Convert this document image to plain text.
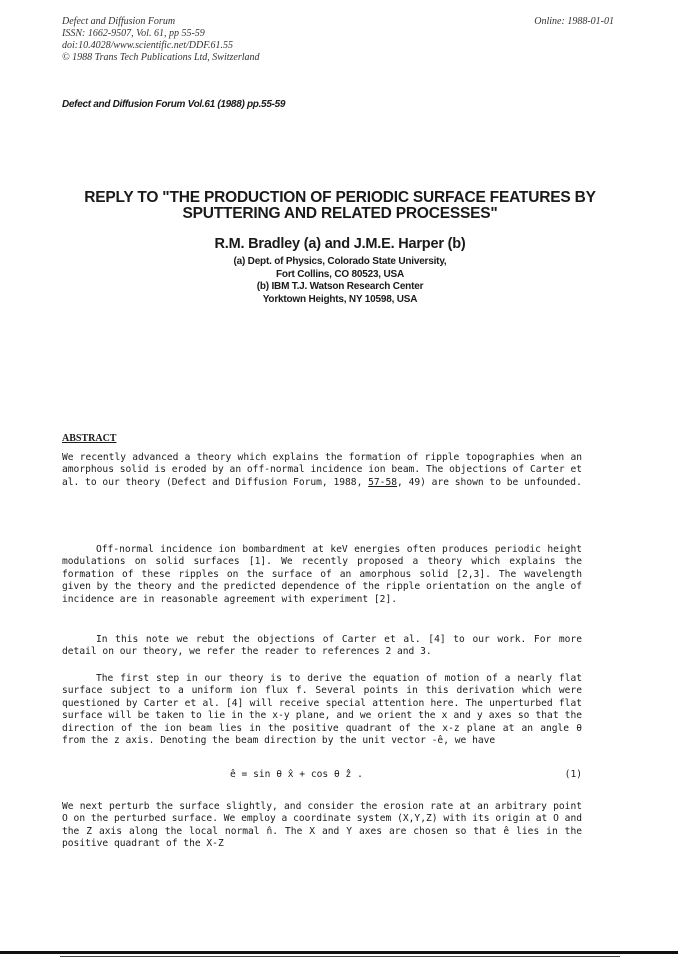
Defect and Diffusion Forum
ISSN: 1662-9507, Vol. 61, pp 55-59
doi:10.4028/www.scientific.net/DDF.61.55
© 1988 Trans Tech Publications Ltd, Switzerland
Online: 1988-01-01
Defect and Diffusion Forum Vol.61 (1988) pp.55-59
REPLY TO "THE PRODUCTION OF PERIODIC SURFACE FEATURES BY
SPUTTERING AND RELATED PROCESSES"
R.M. Bradley (a) and J.M.E. Harper (b)
(a) Dept. of Physics, Colorado State University,
Fort Collins, CO 80523, USA
(b) IBM T.J. Watson Research Center
Yorktown Heights, NY 10598, USA
ABSTRACT

We recently advanced a theory which explains the formation of ripple topographies when an amorphous solid is eroded by an off-normal incidence ion beam. The objections of Carter et al. to our theory (Defect and Diffusion Forum, 1988, 57-58, 49) are shown to be unfounded.

Off-normal incidence ion bombardment at keV energies often produces periodic height modulations on solid surfaces [1]. We recently proposed a theory which explains the formation of these ripples on the surface of an amorphous solid [2,3]. The wavelength given by the theory and the predicted dependence of the ripple orientation on the angle of incidence are in reasonable agreement with experiment [2].

In this note we rebut the objections of Carter et al. [4] to our work. For more detail on our theory, we refer the reader to references 2 and 3.

The first step in our theory is to derive the equation of motion of a nearly flat surface subject to a uniform ion flux f. Several points in this derivation which were questioned by Carter et al. [4] will receive special attention here. The unperturbed flat surface will be taken to lie in the x-y plane, and we orient the x and y axes so that the direction of the ion beam lies in the positive quadrant of the x-z plane at an angle θ from the z axis. Denoting the beam direction by the unit vector -ê, we have

ê = sin θ x̂ + cos θ ẑ .	(1)

We next perturb the surface slightly, and consider the erosion rate at an arbitrary point O on the perturbed surface. We employ a coordinate system (X,Y,Z) with its origin at O and the Z axis along the local normal n̂. The X and Y axes are chosen so that ê lies in the positive quadrant of the X-Z
